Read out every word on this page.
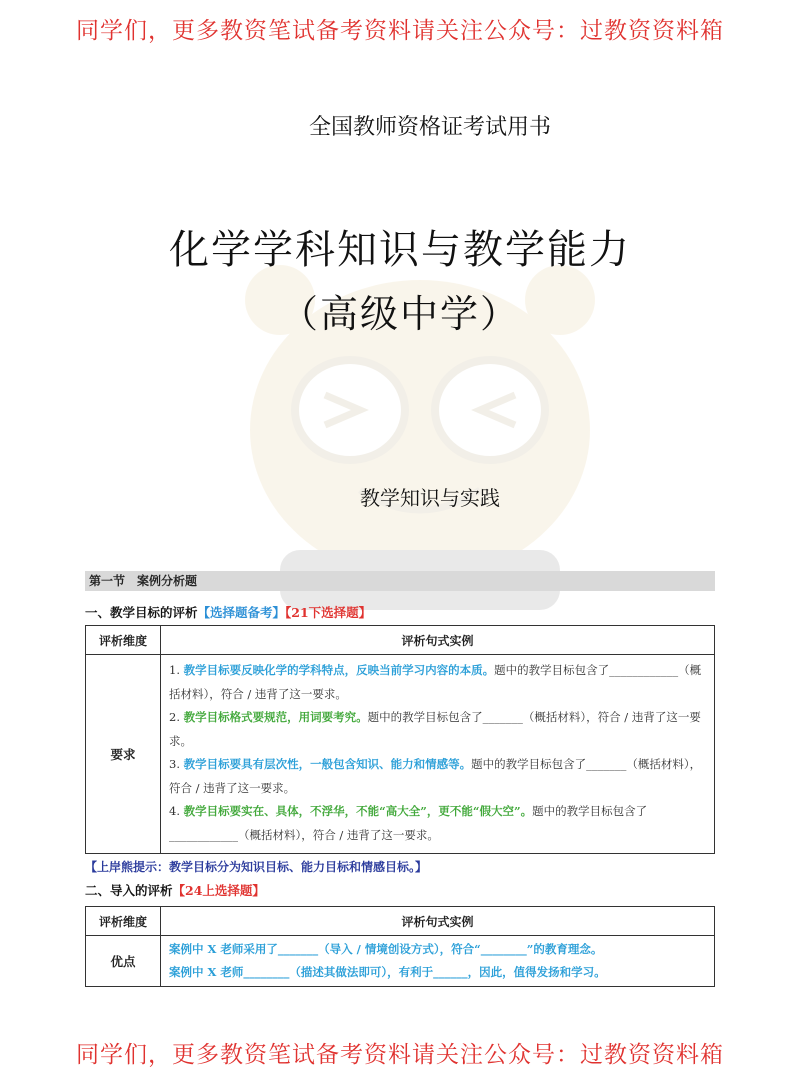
同学们，更多教资笔试备考资料请关注公众号：过教资资料箱
全国教师资格证考试用书
化学学科知识与教学能力
（高级中学）
教学知识与实践
第一节　案例分析题
一、教学目标的评析【选择题备考】【21下选择题】
评析维度	评析句式实例
要求	1. 教学目标要反映化学的学科特点，反映当前学习内容的本质。题中的教学目标包含了____________（概括材料），符合 / 违背了这一要求。
2. 教学目标格式要规范，用词要考究。题中的教学目标包含了_______（概括材料），符合 / 违背了这一要求。
3. 教学目标要具有层次性，一般包含知识、能力和情感等。题中的教学目标包含了_______（概括材料），符合 / 违背了这一要求。
4. 教学目标要实在、具体，不浮华，不能“高大全”，更不能“假大空”。题中的教学目标包含了____________（概括材料），符合 / 违背了这一要求。
【上岸熊提示：教学目标分为知识目标、能力目标和情感目标。】
二、导入的评析【24上选择题】
评析维度	评析句式实例
优点	案例中 X 老师采用了_______（导入 / 情境创设方式），符合“________”的教育理念。
案例中 X 老师________（描述其做法即可），有利于______，因此，值得发扬和学习。
同学们，更多教资笔试备考资料请关注公众号：过教资资料箱
